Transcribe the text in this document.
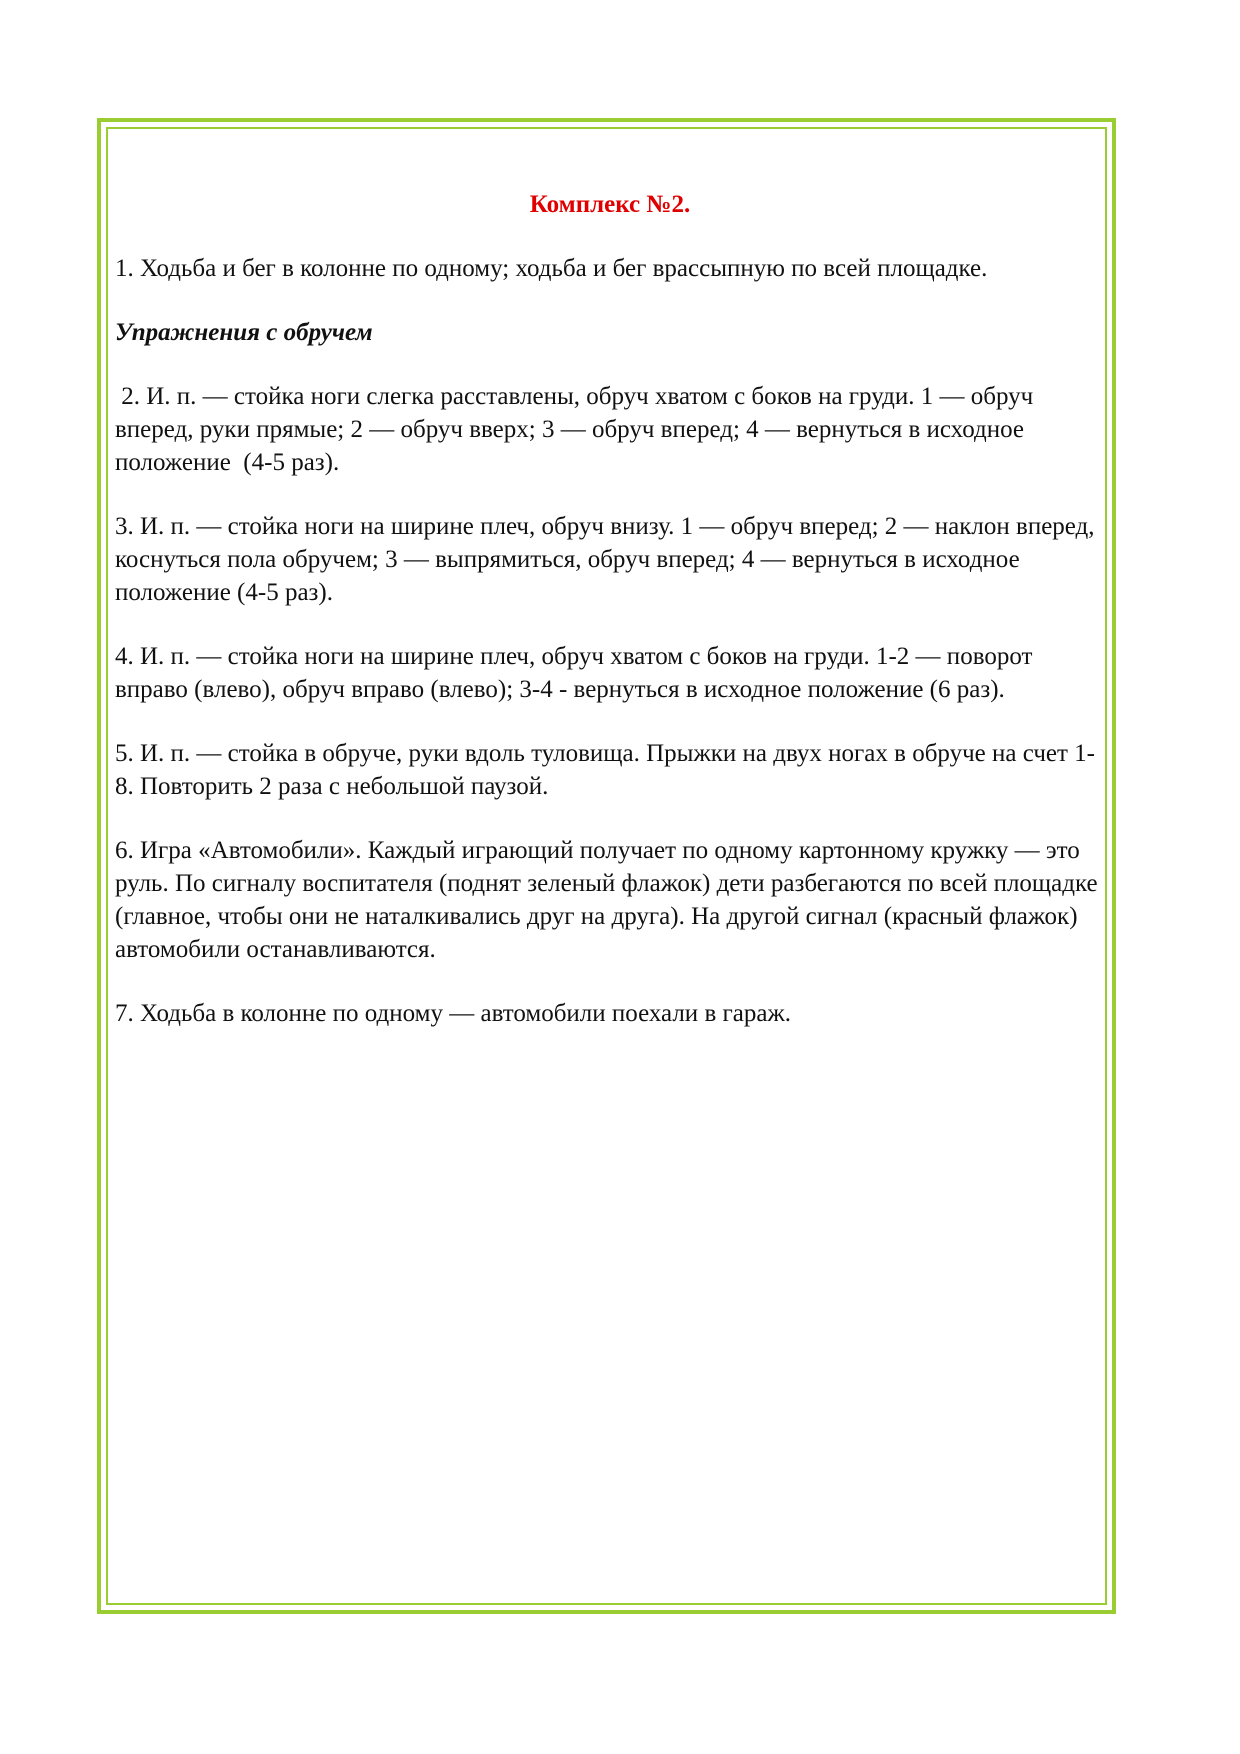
Комплекс №2.
1. Ходьба и бег в колонне по одному; ходьба и бег врассыпную по всей площадке.
Упражнения с обручем
2. И. п. — стойка ноги слегка расставлены, обруч хватом с боков на груди. 1 — обруч вперед, руки прямые; 2 — обруч вверх; 3 — обруч вперед; 4 — вернуться в исходное положение  (4-5 раз).
3. И. п. — стойка ноги на ширине плеч, обруч внизу. 1 — обруч вперед; 2 — наклон вперед, коснуться пола обручем; 3 — выпрямиться, обруч вперед; 4 — вернуться в исходное положение (4-5 раз).
4. И. п. — стойка ноги на ширине плеч, обруч хватом с боков на груди. 1-2 — поворот вправо (влево), обруч вправо (влево); 3-4 - вернуться в исходное положение (6 раз).
5. И. п. — стойка в обруче, руки вдоль туловища. Прыжки на двух ногах в обруче на счет 1-8. Повторить 2 раза с небольшой паузой.
6. Игра «Автомобили». Каждый играющий получает по одному картонному кружку — это руль. По сигналу воспитателя (поднят зеленый флажок) дети разбегаются по всей площадке (главное, чтобы они не наталкивались друг на друга). На другой сигнал (красный флажок) автомобили останавливаются.
7. Ходьба в колонне по одному — автомобили поехали в гараж.
